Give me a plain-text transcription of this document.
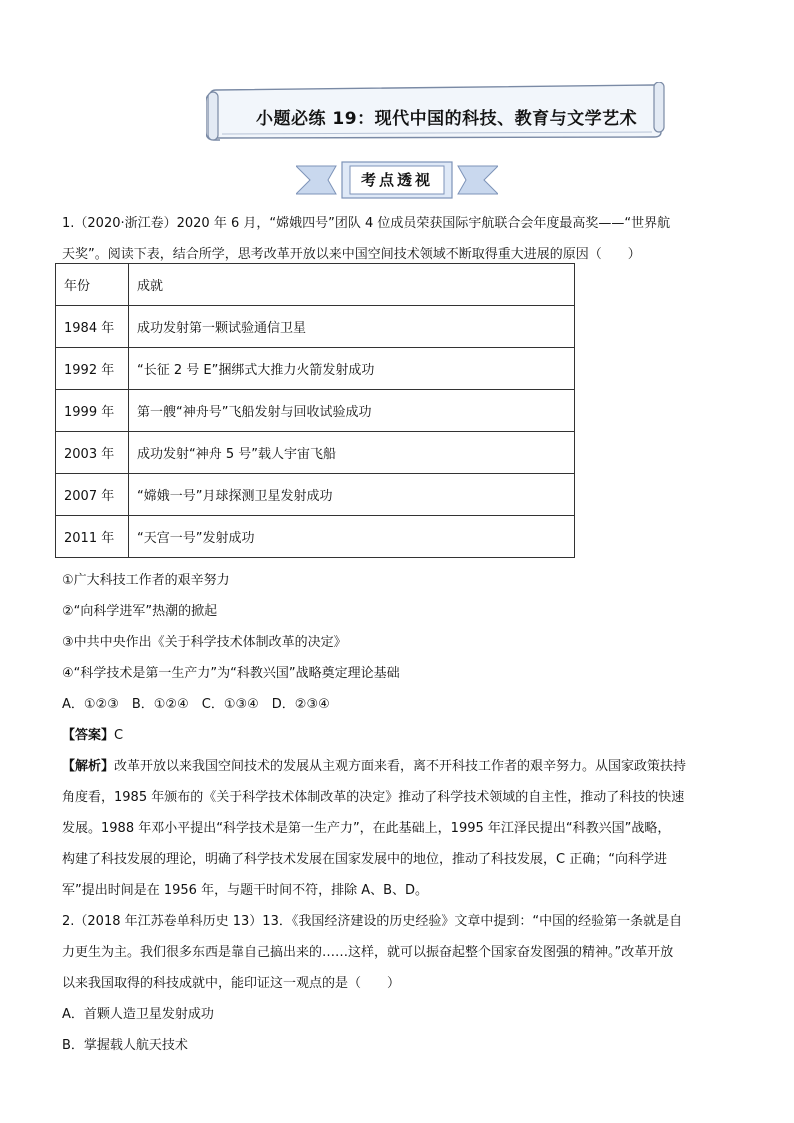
小题必练 19：现代中国的科技、教育与文学艺术
考点透视
1.（2020·浙江卷）2020 年 6 月，“嫦娥四号”团队 4 位成员荣获国际宇航联合会年度最高奖——“世界航
天奖”。阅读下表，结合所学，思考改革开放以来中国空间技术领域不断取得重大进展的原因（　　）
年份	成就
1984 年	成功发射第一颗试验通信卫星
1992 年	“长征 2 号 E”捆绑式大推力火箭发射成功
1999 年	第一艘“神舟号”飞船发射与回收试验成功
2003 年	成功发射“神舟 5 号”载人宇宙飞船
2007 年	“嫦娥一号”月球探测卫星发射成功
2011 年	“天宫一号”发射成功
①广大科技工作者的艰辛努力
②“向科学进军”热潮的掀起
③中共中央作出《关于科学技术体制改革的决定》
④“科学技术是第一生产力”为“科教兴国”战略奠定理论基础
A．①②③　B．①②④　C．①③④　D．②③④
【答案】C
【解析】改革开放以来我国空间技术的发展从主观方面来看，离不开科技工作者的艰辛努力。从国家政策扶持
角度看，1985 年颁布的《关于科学技术体制改革的决定》推动了科学技术领域的自主性，推动了科技的快速
发展。1988 年邓小平提出“科学技术是第一生产力”，在此基础上，1995 年江泽民提出“科教兴国”战略，
构建了科技发展的理论，明确了科学技术发展在国家发展中的地位，推动了科技发展，C 正确；“向科学进
军”提出时间是在 1956 年，与题干时间不符，排除 A、B、D。
2.（2018 年江苏卷单科历史 13）13．《我国经济建设的历史经验》文章中提到：“中国的经验第一条就是自
力更生为主。我们很多东西是靠自己搞出来的……这样，就可以振奋起整个国家奋发图强的精神。”改革开放
以来我国取得的科技成就中，能印证这一观点的是（　　）
A．首颗人造卫星发射成功
B．掌握载人航天技术
